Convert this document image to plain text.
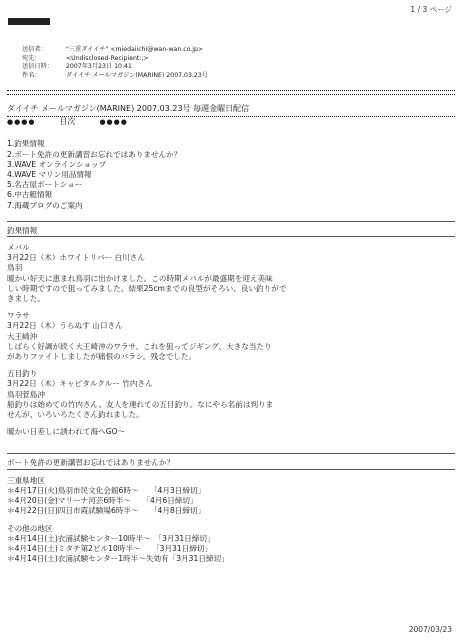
1 / 3 ページ
送信者：	"三重ダイイチ" <miedaiichi@wan-wan.co.jp>
宛先：	<Undisclosed-Recipient:;>
送信日時：	2007年3月23日 10:41
件名：	ダイイチ メールマガジン(MARINE) 2007.03.23号

ダイイチ メールマガジン(MARINE) 2007.03.23号 毎週金曜日配信

●●●●　　　	目次　　　	●●●●

1.釣果情報

2.ボート免許の更新講習お忘れではありませんか？

3.WAVE オンラインショップ

4.WAVE マリン用品情報

5.名古屋ボートショー

6.中古艇情報

7.海蔵ブログのご案内

釣果情報

メバル

3月22日（木）ホワイトリバー 白川さん

鳥羽

暖かい好天に恵まれ鳥羽に出かけました。この時期メバルが最盛期を迎え美味

しい時期ですので狙ってみました。結果25cmまでの良型がそろい、良い釣りがで

きました。

ワラサ

3月22日（木）うらぬす 山口さん

大王崎沖

しばらく好調が続く大王崎沖のワラサ。これを狙ってジギング、大きな当たり

がありファイトしましたが痛恨のバラシ。残念でした。

五目釣り

3月22日（木）キャピタルクルー 竹内さん

鳥羽菅島沖

船釣りは始めての竹内さん。友人を連れての五目釣り。なにやら名前は判りま

せんが、いろいろたくさん釣れました。

暖かい日差しに誘われて海へGO～

ボート免許の更新講習お忘れではありませんか？

三重県地区

＊4月17日(火)鳥羽市民文化会館6時～　　「4月3日締切」

＊4月20日(金)マリーナ河芸6時半～　　「4月6日締切」

＊4月22日(日)四日市霞試験場6時半～　　「4月8日締切」

その他の地区

＊4月14日(土)衣浦試験センター10時半～　「3月31日締切」

＊4月14日(土)ミタチ第2ビル10時半～　　「3月31日締切」

＊4月14日(土)衣浦試験センター1時半～失効有「3月31日締切」

2007/03/23
